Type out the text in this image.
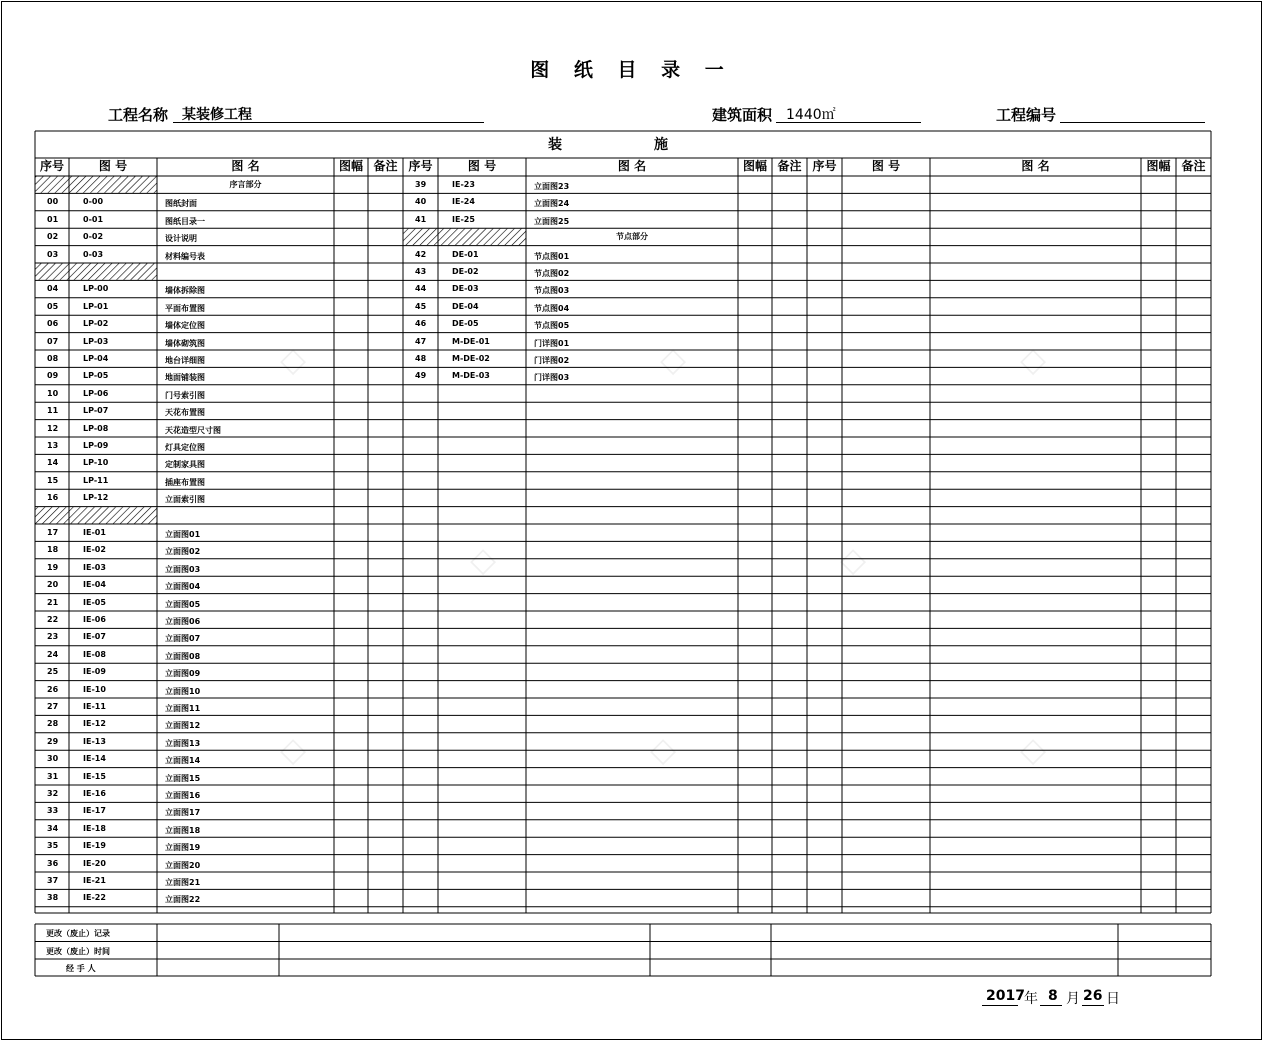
◇	◇	◇
◇	◇
◇	◇	◇
图 纸 目 录 一
工程名称 某装修工程	建筑面积 1440㎡	工程编号
装	施
序号	图 号	图 名	图幅 备注 序号	图 号	图 名	图幅 备注 序号	图 号	图 名	图幅 备注
序言部分
00	0-00	图纸封面
01	0-01	图纸目录一
02	0-02	设计说明
03	0-03	材料编号表
04	LP-00	墙体拆除图
05	LP-01	平面布置图
06	LP-02	墙体定位图
07	LP-03	墙体砌筑图
08	LP-04	地台详细图
09	LP-05	地面铺装图
10	LP-06	门号索引图
11	LP-07	天花布置图
12	LP-08	天花造型尺寸图
13	LP-09	灯具定位图
14	LP-10	定制家具图
15	LP-11	插座布置图
16	LP-12	立面索引图
17	IE-01	立面图01
18	IE-02	立面图02
19	IE-03	立面图03
20	IE-04	立面图04
21	IE-05	立面图05
22	IE-06	立面图06
23	IE-07	立面图07
24	IE-08	立面图08
25	IE-09	立面图09
26	IE-10	立面图10
27	IE-11	立面图11
28	IE-12	立面图12
29	IE-13	立面图13
30	IE-14	立面图14
31	IE-15	立面图15
32	IE-16	立面图16
33	IE-17	立面图17
34	IE-18	立面图18
35	IE-19	立面图19
36	IE-20	立面图20
37	IE-21	立面图21
38	IE-22	立面图22
39	IE-23	立面图23
40	IE-24	立面图24
41	IE-25	立面图25
节点部分
42	DE-01	节点图01
43	DE-02	节点图02
44	DE-03	节点图03
45	DE-04	节点图04
46	DE-05	节点图05
47	M-DE-01	门详图01
48	M-DE-02	门详图02
49	M-DE-03	门详图03
更改（废止）记录
更改（废止）时间
经 手 人
2017 年 8 月 26 日
